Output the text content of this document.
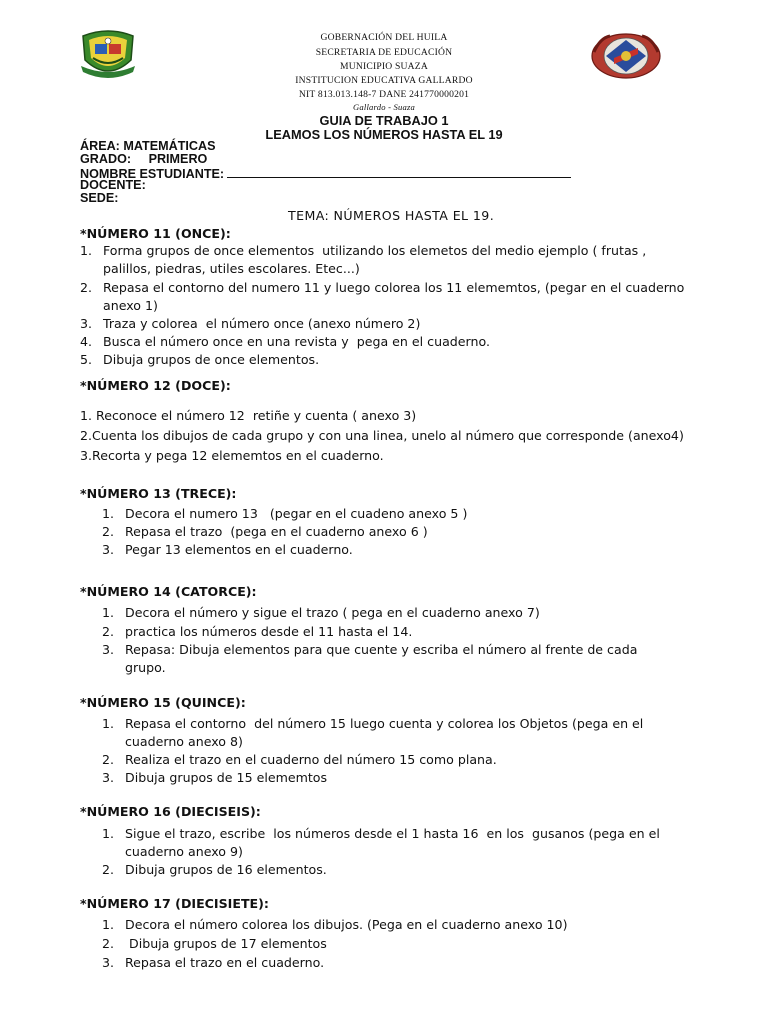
GOBERNACIÓN DEL HUILA
SECRETARIA DE EDUCACIÓN
MUNICIPIO SUAZA
INSTITUCION EDUCATIVA GALLARDO
NIT 813.013.148-7 DANE 241770000201
Gallardo - Suaza
GUIA DE TRABAJO 1
LEAMOS LOS NÚMEROS HASTA EL 19
ÁREA: MATEMÁTICAS
GRADO:     PRIMERO
NOMBRE ESTUDIANTE:
DOCENTE:
SEDE:
TEMA: NÚMEROS HASTA EL 19.
*NÚMERO 11 (ONCE):
Forma grupos de once elementos  utilizando los elemetos del medio ejemplo ( frutas ,
palillos, piedras, utiles escolares. Etec...)
1.
Repasa el contorno del numero 11 y luego colorea los 11 elememtos, (pegar en el cuaderno
anexo 1)
2.
Traza y colorea  el número once (anexo número 2)
3.
Busca el número once en una revista y  pega en el cuaderno.
4.
Dibuja grupos de once elementos.
5.
*NÚMERO 12 (DOCE):
1. Reconoce el número 12  retiñe y cuenta ( anexo 3)
2.Cuenta los dibujos de cada grupo y con una linea, unelo al número que corresponde (anexo4)
3.Recorta y pega 12 elememtos en el cuaderno.
*NÚMERO 13 (TRECE):
Decora el numero 13   (pegar en el cuadeno anexo 5 )
1.
Repasa el trazo  (pega en el cuaderno anexo 6 )
2.
Pegar 13 elementos en el cuaderno.
3.
*NÚMERO 14 (CATORCE):
Decora el número y sigue el trazo ( pega en el cuaderno anexo 7)
1.
practica los números desde el 11 hasta el 14.
2.
Repasa: Dibuja elementos para que cuente y escriba el número al frente de cada
grupo.
3.
*NÚMERO 15 (QUINCE):
Repasa el contorno  del número 15 luego cuenta y colorea los Objetos (pega en el
cuaderno anexo 8)
1.
Realiza el trazo en el cuaderno del número 15 como plana.
2.
Dibuja grupos de 15 elememtos
3.
*NÚMERO 16 (DIECISEIS):
Sigue el trazo, escribe  los números desde el 1 hasta 16  en los  gusanos (pega en el
cuaderno anexo 9)
1.
Dibuja grupos de 16 elementos.
2.
*NÚMERO 17 (DIECISIETE):
Decora el número colorea los dibujos. (Pega en el cuaderno anexo 10)
1.
Dibuja grupos de 17 elementos
2.
Repasa el trazo en el cuaderno.
3.
